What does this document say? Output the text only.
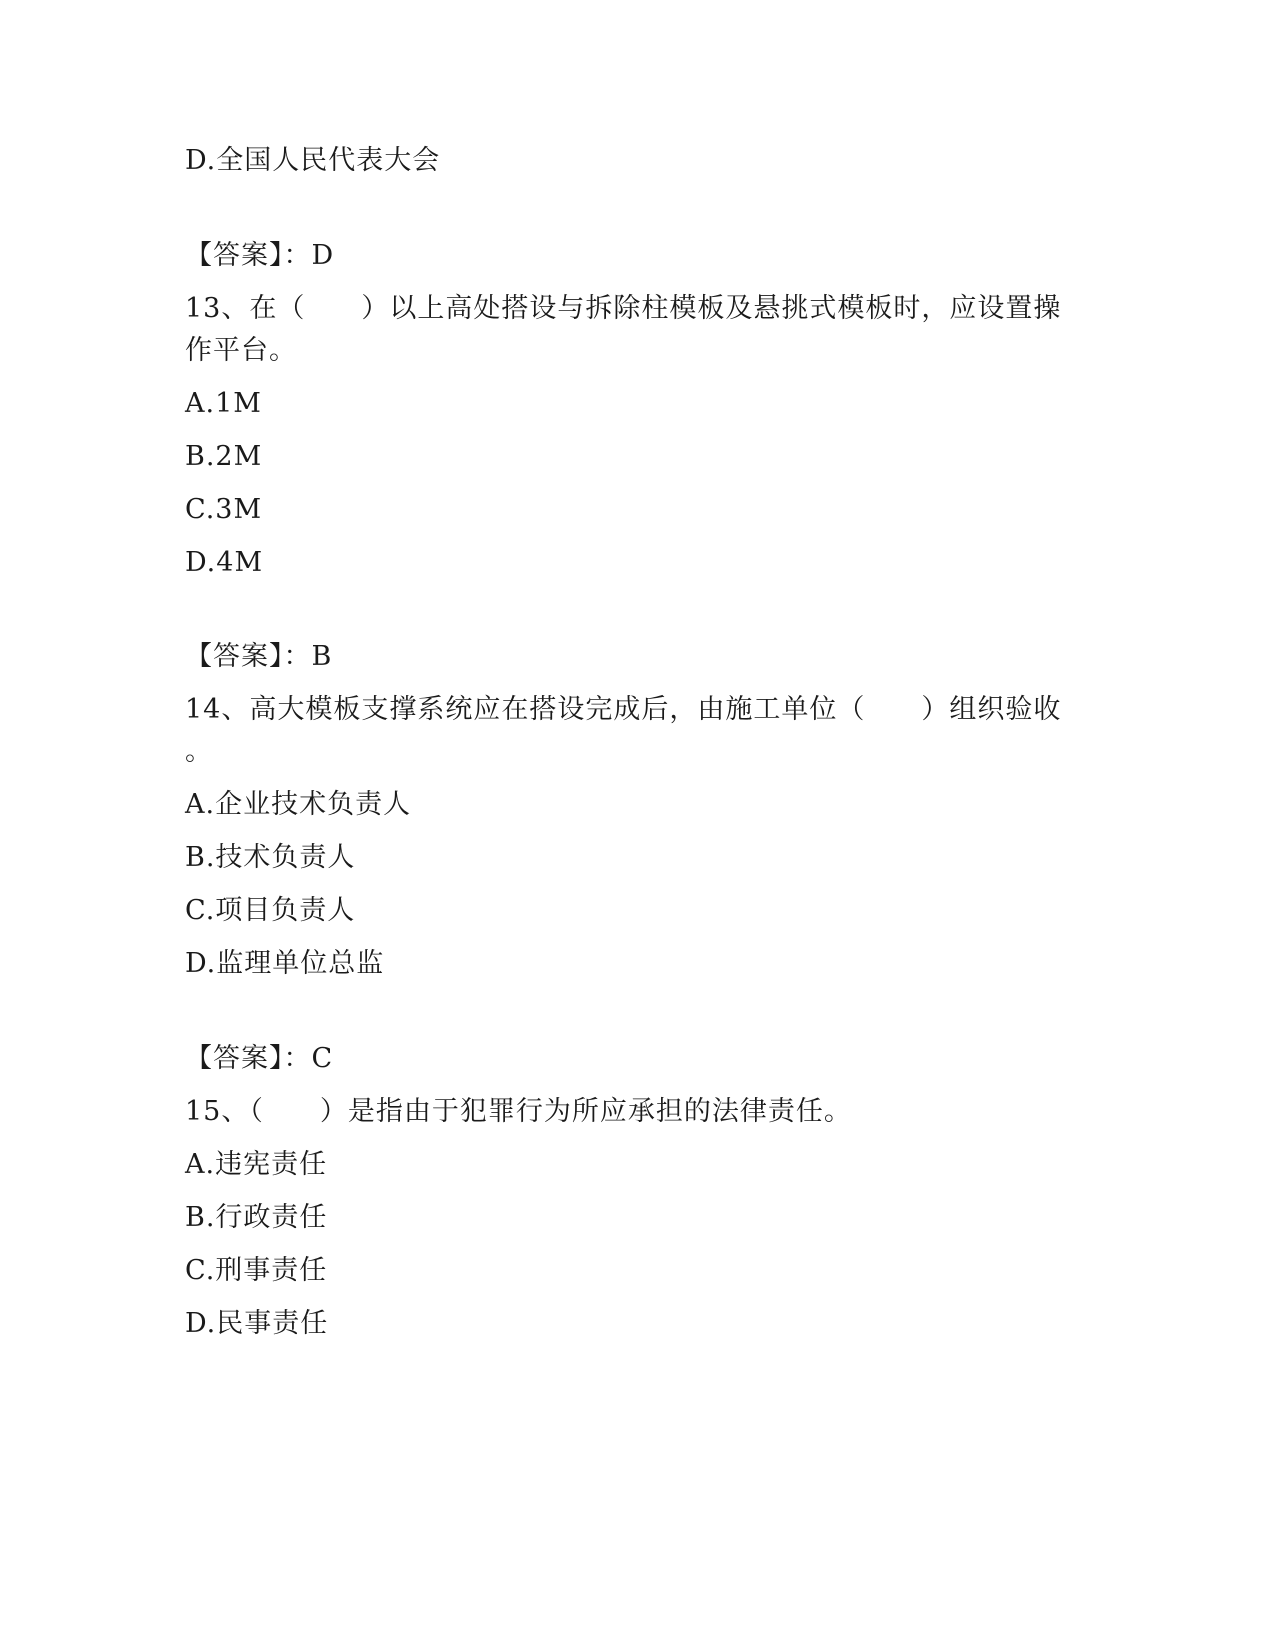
D.全国人民代表大会
【答案】：D
13、在（　　）以上高处搭设与拆除柱模板及悬挑式模板时，应设置操
作平台。
A.1M
B.2M
C.3M
D.4M
【答案】：B
14、高大模板支撑系统应在搭设完成后，由施工单位（　　）组织验收
。
A.企业技术负责人
B.技术负责人
C.项目负责人
D.监理单位总监
【答案】：C
15、（　　）是指由于犯罪行为所应承担的法律责任。
A.违宪责任
B.行政责任
C.刑事责任
D.民事责任
